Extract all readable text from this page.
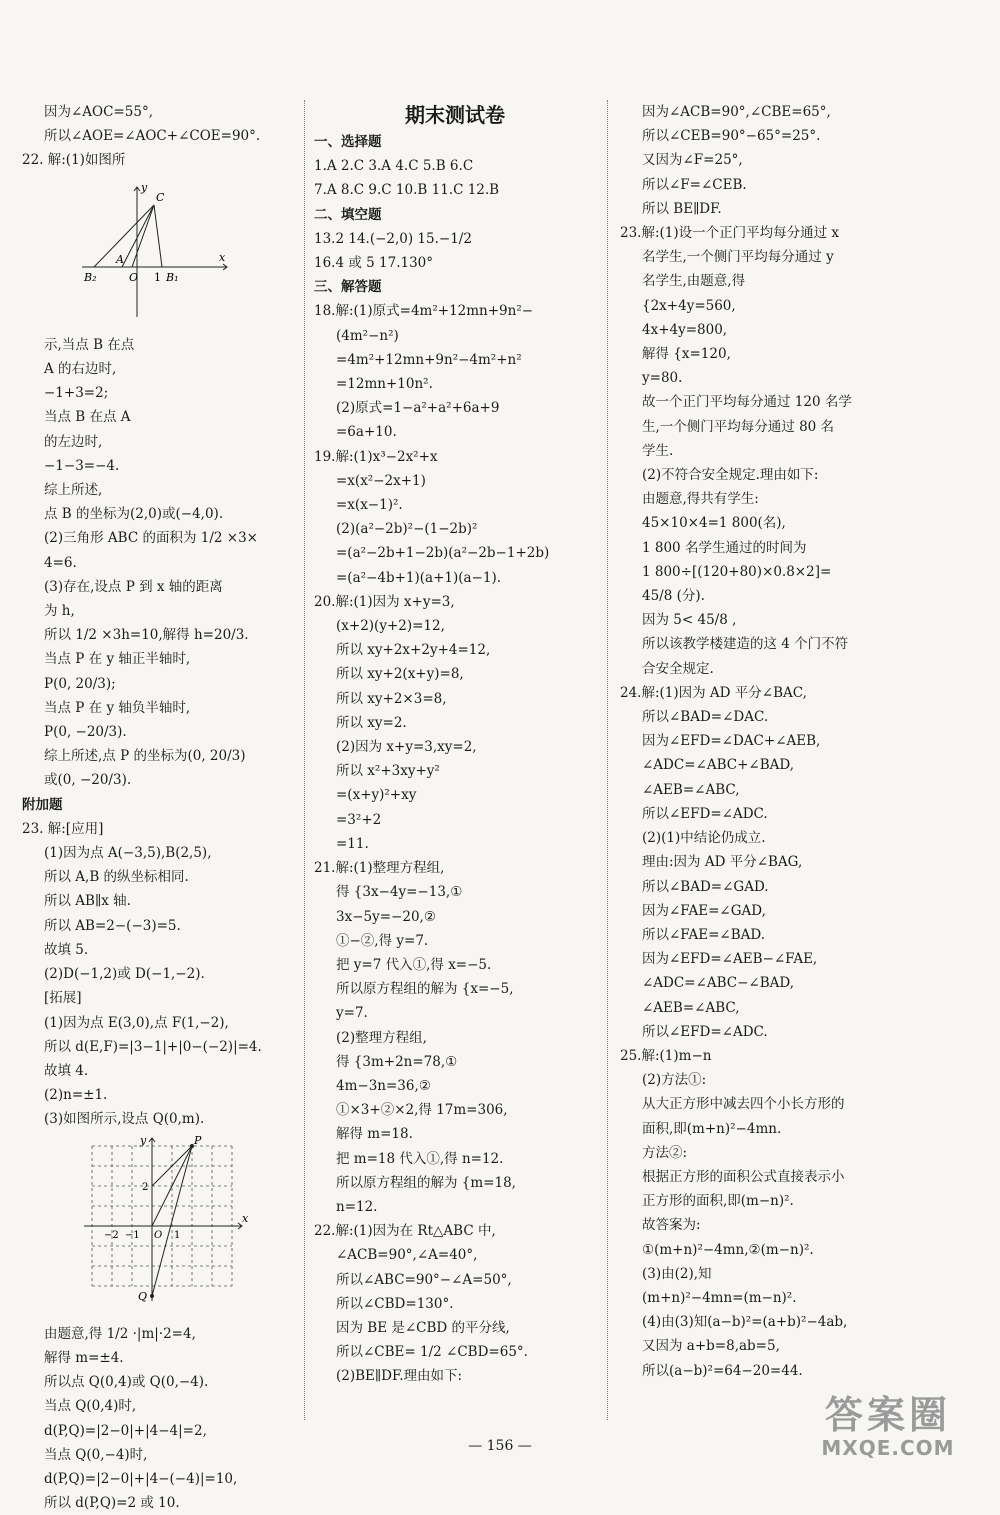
因为∠AOC=55°,
所以∠AOE=∠AOC+∠COE=90°.
22. 解:(1)如图所
C
A
O 1 B₁
B₂
x
y
示,当点 B 在点
A 的右边时,
−1+3=2;
当点 B 在点 A
的左边时,
−1−3=−4.
综上所述,
点 B 的坐标为(2,0)或(−4,0).
(2)三角形 ABC 的面积为 1/2 ×3×
4=6.
(3)存在,设点 P 到 x 轴的距离
为 h,
所以 1/2 ×3h=10,解得 h=20/3.
当点 P 在 y 轴正半轴时,
P(0, 20/3);
当点 P 在 y 轴负半轴时,
P(0, −20/3).
综上所述,点 P 的坐标为(0, 20/3)
或(0, −20/3).
附加题
23. 解:[应用]
(1)因为点 A(−3,5),B(2,5),
所以 A,B 的纵坐标相同.
所以 AB∥x 轴.
所以 AB=2−(−3)=5.
故填 5.
(2)D(−1,2)或 D(−1,−2).
[拓展]
(1)因为点 E(3,0),点 F(1,−2),
所以 d(E,F)=|3−1|+|0−(−2)|=4.
故填 4.
(2)n=±1.
(3)如图所示,设点 Q(0,m).
P
Q
O
x
y
2
1
−1
−2
由题意,得 1/2 ·|m|·2=4,
解得 m=±4.
所以点 Q(0,4)或 Q(0,−4).
当点 Q(0,4)时,
d(P,Q)=|2−0|+|4−4|=2,
当点 Q(0,−4)时,
d(P,Q)=|2−0|+|4−(−4)|=10,
所以 d(P,Q)=2 或 10.
期末测试卷
一、选择题
1.A 2.C 3.A 4.C 5.B 6.C
7.A 8.C 9.C 10.B 11.C 12.B
二、填空题
13.2 14.(−2,0) 15.−1/2
16.4 或 5 17.130°
三、解答题
18.解:(1)原式=4m²+12mn+9n²−
(4m²−n²)
=4m²+12mn+9n²−4m²+n²
=12mn+10n².
(2)原式=1−a²+a²+6a+9
=6a+10.
19.解:(1)x³−2x²+x
=x(x²−2x+1)
=x(x−1)².
(2)(a²−2b)²−(1−2b)²
=(a²−2b+1−2b)(a²−2b−1+2b)
=(a²−4b+1)(a+1)(a−1).
20.解:(1)因为 x+y=3,
(x+2)(y+2)=12,
所以 xy+2x+2y+4=12,
所以 xy+2(x+y)=8,
所以 xy+2×3=8,
所以 xy=2.
(2)因为 x+y=3,xy=2,
所以 x²+3xy+y²
=(x+y)²+xy
=3²+2
=11.
21.解:(1)整理方程组,
得 {3x−4y=−13,①
3x−5y=−20,②
①−②,得 y=7.
把 y=7 代入①,得 x=−5.
所以原方程组的解为 {x=−5,
y=7.
(2)整理方程组,
得 {3m+2n=78,①
4m−3n=36,②
①×3+②×2,得 17m=306,
解得 m=18.
把 m=18 代入①,得 n=12.
所以原方程组的解为 {m=18,
n=12.
22.解:(1)因为在 Rt△ABC 中,
∠ACB=90°,∠A=40°,
所以∠ABC=90°−∠A=50°,
所以∠CBD=130°.
因为 BE 是∠CBD 的平分线,
所以∠CBE= 1/2 ∠CBD=65°.
(2)BE∥DF.理由如下:
因为∠ACB=90°,∠CBE=65°,
所以∠CEB=90°−65°=25°.
又因为∠F=25°,
所以∠F=∠CEB.
所以 BE∥DF.
23.解:(1)设一个正门平均每分通过 x
名学生,一个侧门平均每分通过 y
名学生,由题意,得
{2x+4y=560,
4x+4y=800,
解得 {x=120,
y=80.
故一个正门平均每分通过 120 名学
生,一个侧门平均每分通过 80 名
学生.
(2)不符合安全规定.理由如下:
由题意,得共有学生:
45×10×4=1 800(名),
1 800 名学生通过的时间为
1 800÷[(120+80)×0.8×2]=
45/8 (分).
因为 5< 45/8 ,
所以该教学楼建造的这 4 个门不符
合安全规定.
24.解:(1)因为 AD 平分∠BAC,
所以∠BAD=∠DAC.
因为∠EFD=∠DAC+∠AEB,
∠ADC=∠ABC+∠BAD,
∠AEB=∠ABC,
所以∠EFD=∠ADC.
(2)(1)中结论仍成立.
理由:因为 AD 平分∠BAG,
所以∠BAD=∠GAD.
因为∠FAE=∠GAD,
所以∠FAE=∠BAD.
因为∠EFD=∠AEB−∠FAE,
∠ADC=∠ABC−∠BAD,
∠AEB=∠ABC,
所以∠EFD=∠ADC.
25.解:(1)m−n
(2)方法①:
从大正方形中减去四个小长方形的
面积,即(m+n)²−4mn.
方法②:
根据正方形的面积公式直接表示小
正方形的面积,即(m−n)².
故答案为:
①(m+n)²−4mn,②(m−n)².
(3)由(2),知
(m+n)²−4mn=(m−n)².
(4)由(3)知(a−b)²=(a+b)²−4ab,
又因为 a+b=8,ab=5,
所以(a−b)²=64−20=44.
— 156 —
答案圈
MXQE.COM
